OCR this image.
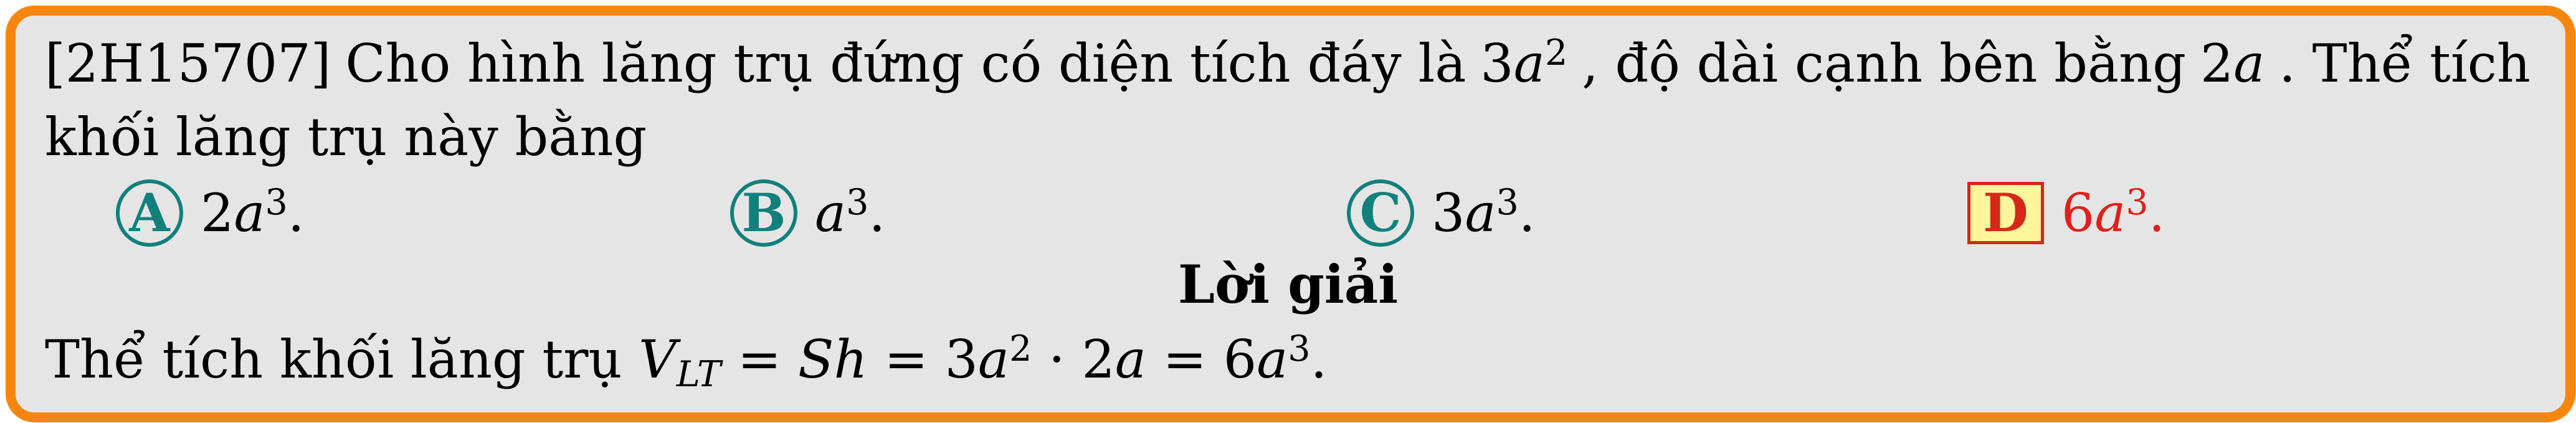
[2H15707] Cho hình lăng trụ đứng có diện tích đáy là $3a^2$ , độ dài cạnh bên bằng 2a . Thể tích
khối lăng trụ này bằng
A $2a^3$.	B $a^3$.	C $3a^3$.	D $6a^3$.
Lời giải
Thể tích khối lăng trụ $V_{LT} = Sh = 3a^2 \cdot 2a = 6a^3$.
